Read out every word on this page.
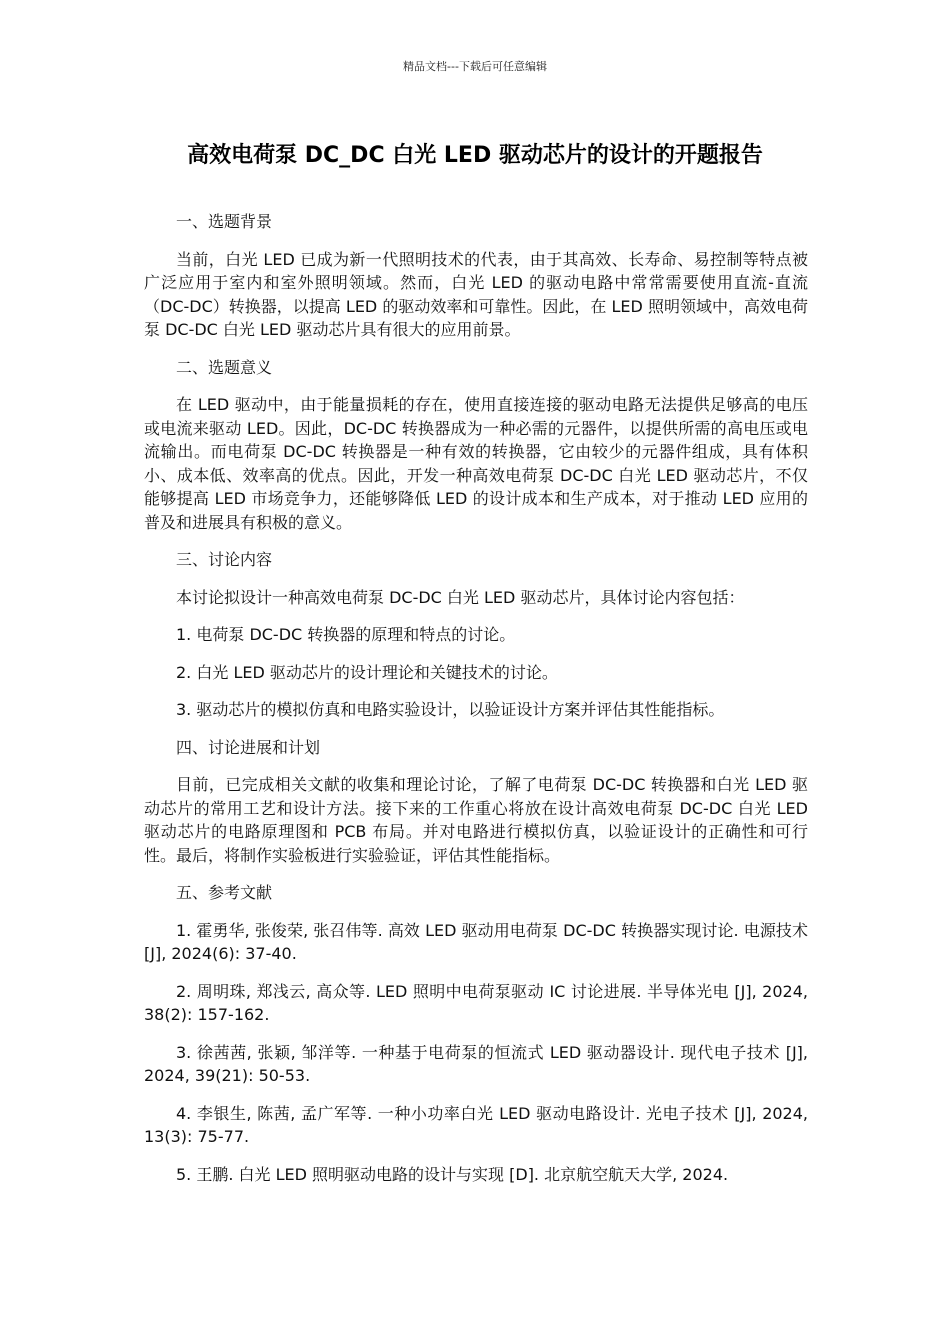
精品文档---下载后可任意编辑
高效电荷泵 DC_DC 白光 LED 驱动芯片的设计的开题报告

一、选题背景

当前，白光 LED 已成为新一代照明技术的代表，由于其高效、长寿命、易控制等特点被广泛应用于室内和室外照明领域。然而，白光 LED 的驱动电路中常常需要使用直流-直流（DC-DC）转换器，以提高 LED 的驱动效率和可靠性。因此，在 LED 照明领域中，高效电荷泵 DC-DC 白光 LED 驱动芯片具有很大的应用前景。

二、选题意义

在 LED 驱动中，由于能量损耗的存在，使用直接连接的驱动电路无法提供足够高的电压或电流来驱动 LED。因此，DC-DC 转换器成为一种必需的元器件，以提供所需的高电压或电流输出。而电荷泵 DC-DC 转换器是一种有效的转换器，它由较少的元器件组成，具有体积小、成本低、效率高的优点。因此，开发一种高效电荷泵 DC-DC 白光 LED 驱动芯片，不仅能够提高 LED 市场竞争力，还能够降低 LED 的设计成本和生产成本，对于推动 LED 应用的普及和进展具有积极的意义。

三、讨论内容

本讨论拟设计一种高效电荷泵 DC-DC 白光 LED 驱动芯片，具体讨论内容包括：

1. 电荷泵 DC-DC 转换器的原理和特点的讨论。

2. 白光 LED 驱动芯片的设计理论和关键技术的讨论。

3. 驱动芯片的模拟仿真和电路实验设计，以验证设计方案并评估其性能指标。

四、讨论进展和计划

目前，已完成相关文献的收集和理论讨论，了解了电荷泵 DC-DC 转换器和白光 LED 驱动芯片的常用工艺和设计方法。接下来的工作重心将放在设计高效电荷泵 DC-DC 白光 LED 驱动芯片的电路原理图和 PCB 布局。并对电路进行模拟仿真，以验证设计的正确性和可行性。最后，将制作实验板进行实验验证，评估其性能指标。

五、参考文献

1. 霍勇华, 张俊荣, 张召伟等. 高效 LED 驱动用电荷泵 DC-DC 转换器实现讨论. 电源技术 [J], 2024(6): 37-40.

2. 周明珠, 郑浅云, 高众等. LED 照明中电荷泵驱动 IC 讨论进展. 半导体光电 [J], 2024, 38(2): 157-162.

3. 徐茜茜, 张颖, 邹洋等. 一种基于电荷泵的恒流式 LED 驱动器设计. 现代电子技术 [J], 2024, 39(21): 50-53.

4. 李银生, 陈茜, 孟广军等. 一种小功率白光 LED 驱动电路设计. 光电子技术 [J], 2024, 13(3): 75-77.

5. 王鹏. 白光 LED 照明驱动电路的设计与实现 [D]. 北京航空航天大学, 2024.
